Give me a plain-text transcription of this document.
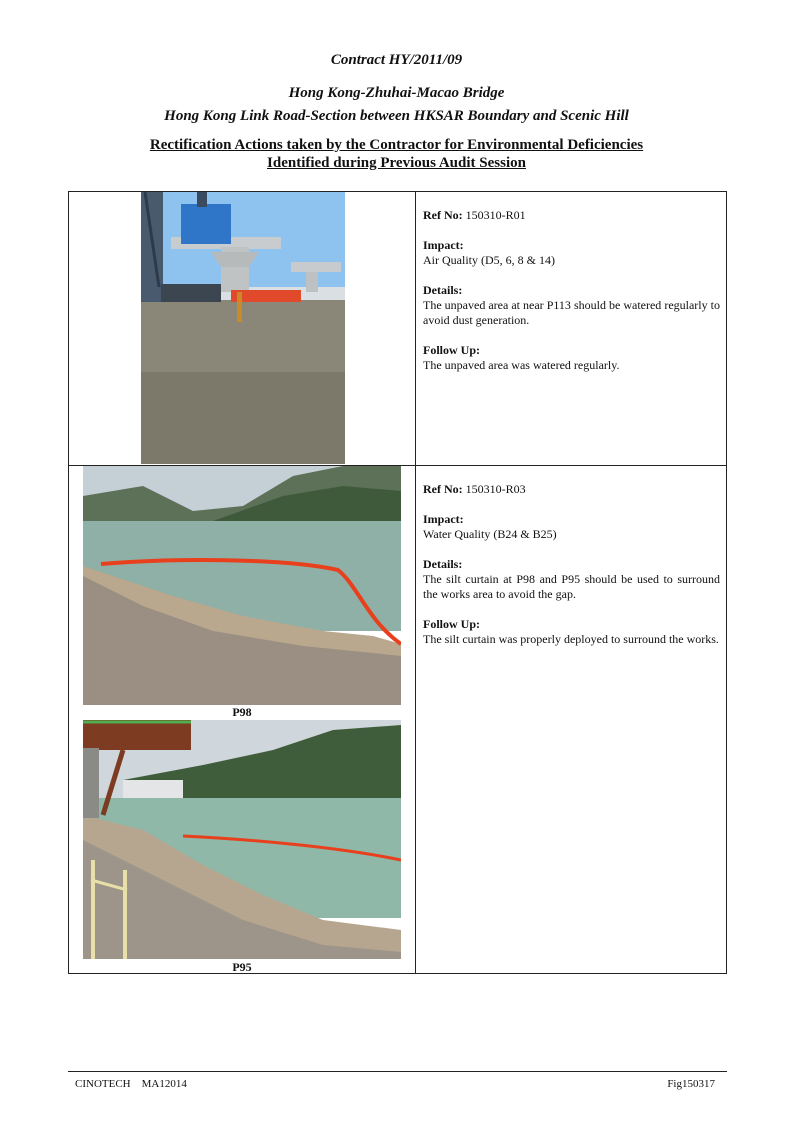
Contract HY/2011/09
Hong Kong-Zhuhai-Macao Bridge
Hong Kong Link Road-Section between HKSAR Boundary and Scenic Hill
Rectification Actions taken by the Contractor for Environmental Deficiencies
Identified during Previous Audit Session
P98
P95

Ref No: 150310-R01

Impact:

Air Quality (D5, 6, 8 & 14)

Details:

The unpaved area at near P113 should be watered regularly to avoid dust generation.

Follow Up:

The unpaved area was watered regularly.

Ref No: 150310-R03

Impact:

Water Quality (B24 & B25)

Details:

The silt curtain at P98 and P95 should be used to surround the works area to avoid the gap.

Follow Up:

The silt curtain was properly deployed to surround the works.

CINOTECH    MA12014	Fig150317
